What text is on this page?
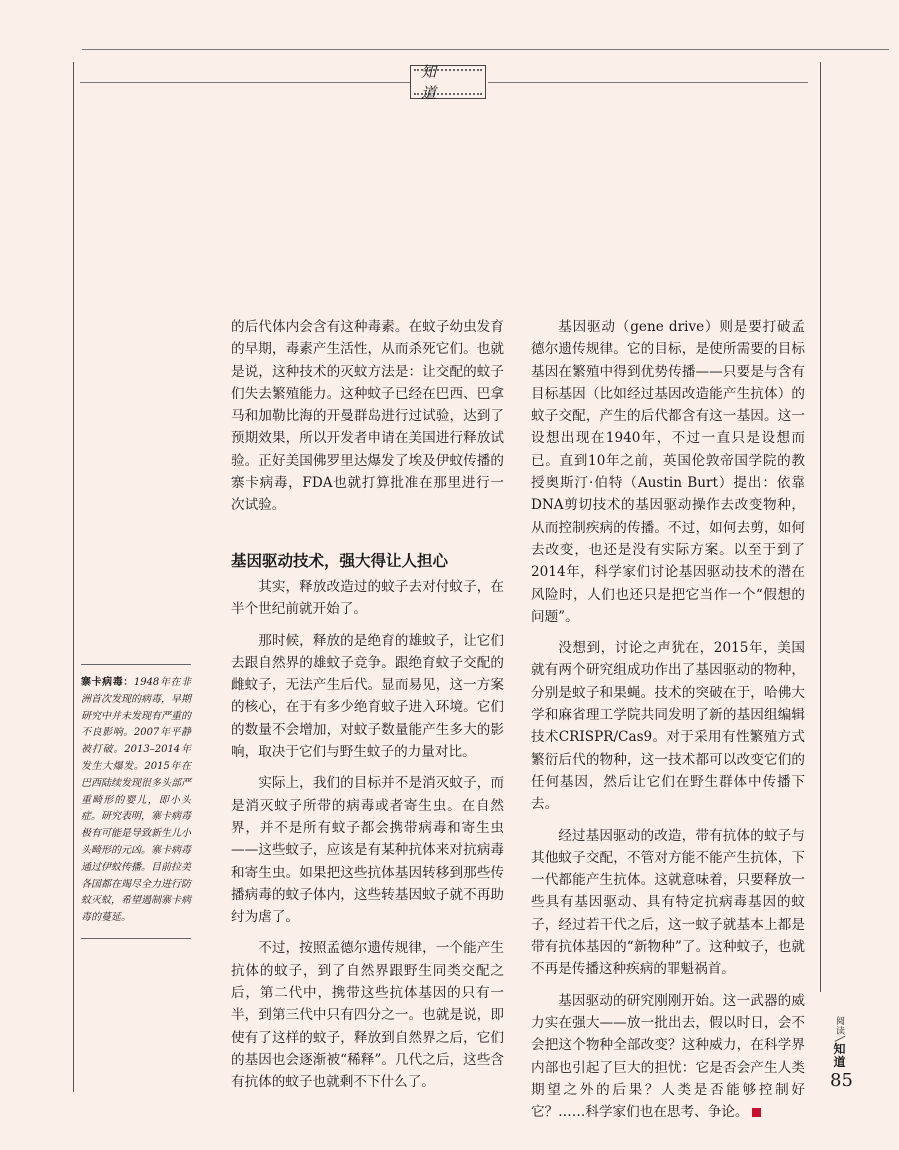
知 道

的后代体内会含有这种毒素。在蚊子幼虫发育的早期，毒素产生活性，从而杀死它们。也就是说，这种技术的灭蚊方法是：让交配的蚊子们失去繁殖能力。这种蚊子已经在巴西、巴拿马和加勒比海的开曼群岛进行过试验，达到了预期效果，所以开发者申请在美国进行释放试验。正好美国佛罗里达爆发了埃及伊蚊传播的寨卡病毒，FDA也就打算批准在那里进行一次试验。

基因驱动技术，强大得让人担心

其实，释放改造过的蚊子去对付蚊子，在半个世纪前就开始了。

那时候，释放的是绝育的雄蚊子，让它们去跟自然界的雄蚊子竞争。跟绝育蚊子交配的雌蚊子，无法产生后代。显而易见，这一方案的核心，在于有多少绝育蚊子进入环境。它们的数量不会增加，对蚊子数量能产生多大的影响，取决于它们与野生蚊子的力量对比。

实际上，我们的目标并不是消灭蚊子，而是消灭蚊子所带的病毒或者寄生虫。在自然界，并不是所有蚊子都会携带病毒和寄生虫——这些蚊子，应该是有某种抗体来对抗病毒和寄生虫。如果把这些抗体基因转移到那些传播病毒的蚊子体内，这些转基因蚊子就不再助纣为虐了。

不过，按照孟德尔遗传规律，一个能产生抗体的蚊子，到了自然界跟野生同类交配之后，第二代中，携带这些抗体基因的只有一半，到第三代中只有四分之一。也就是说，即使有了这样的蚊子，释放到自然界之后，它们的基因也会逐渐被“稀释”。几代之后，这些含有抗体的蚊子也就剩不下什么了。

基因驱动（gene drive）则是要打破孟德尔遗传规律。它的目标，是使所需要的目标基因在繁殖中得到优势传播——只要是与含有目标基因（比如经过基因改造能产生抗体）的蚊子交配，产生的后代都含有这一基因。这一设想出现在1940年，不过一直只是设想而已。直到10年之前，英国伦敦帝国学院的教授奥斯汀·伯特（Austin Burt）提出：依靠DNA剪切技术的基因驱动操作去改变物种，从而控制疾病的传播。不过，如何去剪，如何去改变，也还是没有实际方案。以至于到了2014年，科学家们讨论基因驱动技术的潜在风险时，人们也还只是把它当作一个“假想的问题”。

没想到，讨论之声犹在，2015年，美国就有两个研究组成功作出了基因驱动的物种，分别是蚊子和果蝇。技术的突破在于，哈佛大学和麻省理工学院共同发明了新的基因组编辑技术CRISPR/Cas9。对于采用有性繁殖方式繁衍后代的物种，这一技术都可以改变它们的任何基因，然后让它们在野生群体中传播下去。

经过基因驱动的改造，带有抗体的蚊子与其他蚊子交配，不管对方能不能产生抗体，下一代都能产生抗体。这就意味着，只要释放一些具有基因驱动、具有特定抗病毒基因的蚊子，经过若干代之后，这一蚊子就基本上都是带有抗体基因的“新物种”了。这种蚊子，也就不再是传播这种疾病的罪魁祸首。

基因驱动的研究刚刚开始。这一武器的威力实在强大——放一批出去，假以时日，会不会把这个物种全部改变？这种威力，在科学界内部也引起了巨大的担忧：它是否会产生人类期望之外的后果？人类是否能够控制好它？……科学家们也在思考、争论。

寨卡病毒：1948年在非洲首次发现的病毒，早期研究中并未发现有严重的不良影响。2007年平静被打破。2013–2014年发生大爆发。2015年在巴西陆续发现很多头部严重畸形的婴儿，即小头症。研究表明，寨卡病毒极有可能是导致新生儿小头畸形的元凶。寨卡病毒通过伊蚊传播。目前拉美各国都在竭尽全力进行防蚊灭蚊，希望遏制寨卡病毒的蔓延。
阅读╲知道
85
